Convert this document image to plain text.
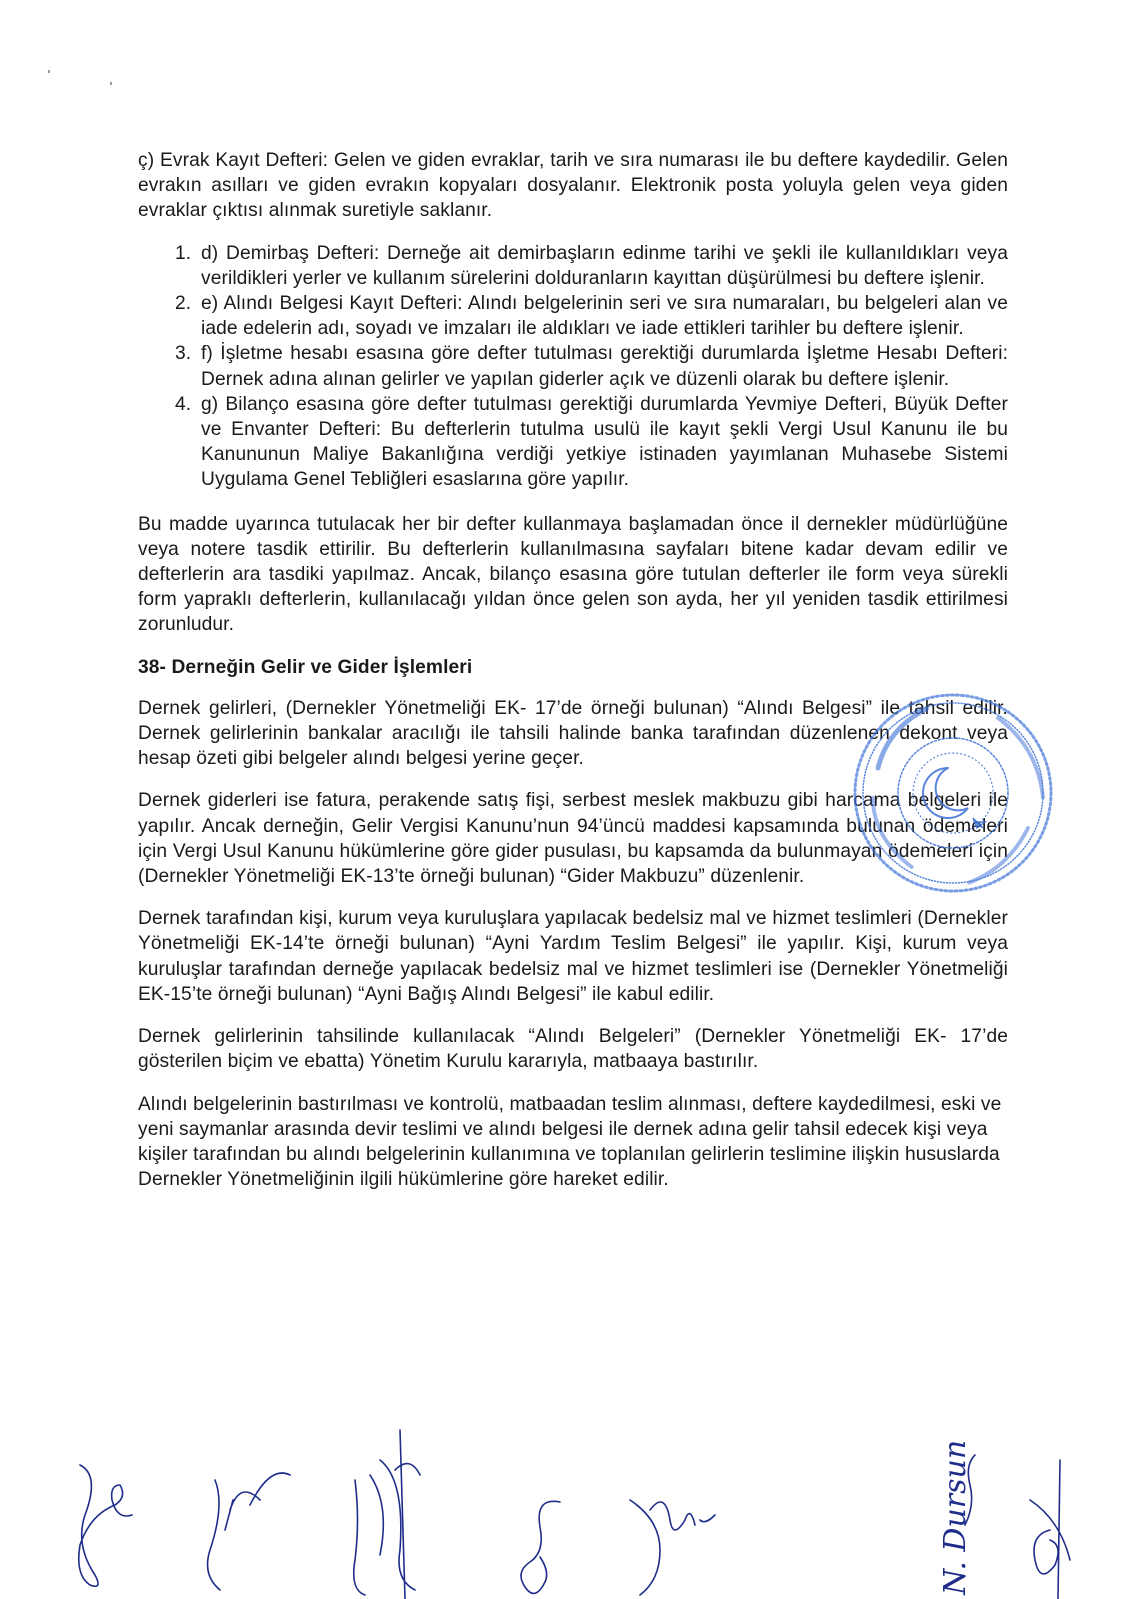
ç) Evrak Kayıt Defteri: Gelen ve giden evraklar, tarih ve sıra numarası ile bu deftere kaydedilir. Gelen evrakın asılları ve giden evrakın kopyaları dosyalanır. Elektronik posta yoluyla gelen veya giden evraklar çıktısı alınmak suretiyle saklanır.

1. d) Demirbaş Defteri: Derneğe ait demirbaşların edinme tarihi ve şekli ile kullanıldıkları veya verildikleri yerler ve kullanım sürelerini dolduranların kayıttan düşürülmesi bu deftere işlenir.
2. e) Alındı Belgesi Kayıt Defteri: Alındı belgelerinin seri ve sıra numaraları, bu belgeleri alan ve iade edelerin adı, soyadı ve imzaları ile aldıkları ve iade ettikleri tarihler bu deftere işlenir.
3. f) İşletme hesabı esasına göre defter tutulması gerektiği durumlarda İşletme Hesabı Defteri: Dernek adına alınan gelirler ve yapılan giderler açık ve düzenli olarak bu deftere işlenir.
4. g) Bilanço esasına göre defter tutulması gerektiği durumlarda Yevmiye Defteri, Büyük Defter ve Envanter Defteri: Bu defterlerin tutulma usulü ile kayıt şekli Vergi Usul Kanunu ile bu Kanununun Maliye Bakanlığına verdiği yetkiye istinaden yayımlanan Muhasebe Sistemi Uygulama Genel Tebliğleri esaslarına göre yapılır.

Bu madde uyarınca tutulacak her bir defter kullanmaya başlamadan önce il dernekler müdürlüğüne veya notere tasdik ettirilir. Bu defterlerin kullanılmasına sayfaları bitene kadar devam edilir ve defterlerin ara tasdiki yapılmaz. Ancak, bilanço esasına göre tutulan defterler ile form veya sürekli form yapraklı defterlerin, kullanılacağı yıldan önce gelen son ayda, her yıl yeniden tasdik ettirilmesi zorunludur.

38- Derneğin Gelir ve Gider İşlemleri

Dernek gelirleri, (Dernekler Yönetmeliği EK- 17’de örneği bulunan) “Alındı Belgesi” ile tahsil edilir. Dernek gelirlerinin bankalar aracılığı ile tahsili halinde banka tarafından düzenlenen dekont veya hesap özeti gibi belgeler alındı belgesi yerine geçer.

Dernek giderleri ise fatura, perakende satış fişi, serbest meslek makbuzu gibi harcama belgeleri ile yapılır. Ancak derneğin, Gelir Vergisi Kanunu’nun 94’üncü maddesi kapsamında bulunan ödemeleri için Vergi Usul Kanunu hükümlerine göre gider pusulası, bu kapsamda da bulunmayan ödemeleri için (Dernekler Yönetmeliği EK-13’te örneği bulunan) “Gider Makbuzu” düzenlenir.

Dernek tarafından kişi, kurum veya kuruluşlara yapılacak bedelsiz mal ve hizmet teslimleri (Dernekler Yönetmeliği EK-14’te örneği bulunan) “Ayni Yardım Teslim Belgesi” ile yapılır. Kişi, kurum veya kuruluşlar tarafından derneğe yapılacak bedelsiz mal ve hizmet teslimleri ise (Dernekler Yönetmeliği EK-15’te örneği bulunan) “Ayni Bağış Alındı Belgesi” ile kabul edilir.

Dernek gelirlerinin tahsilinde kullanılacak “Alındı Belgeleri” (Dernekler Yönetmeliği EK- 17’de gösterilen biçim ve ebatta) Yönetim Kurulu kararıyla, matbaaya bastırılır.

Alındı belgelerinin bastırılması ve kontrolü, matbaadan teslim alınması, deftere kaydedilmesi, eski ve yeni saymanlar arasında devir teslimi ve alındı belgesi ile dernek adına gelir tahsil edecek kişi veya kişiler tarafından bu alındı belgelerinin kullanımına ve toplanılan gelirlerin teslimine ilişkin hususlarda Dernekler Yönetmeliğinin ilgili hükümlerine göre hareket edilir.

N. Dursun
